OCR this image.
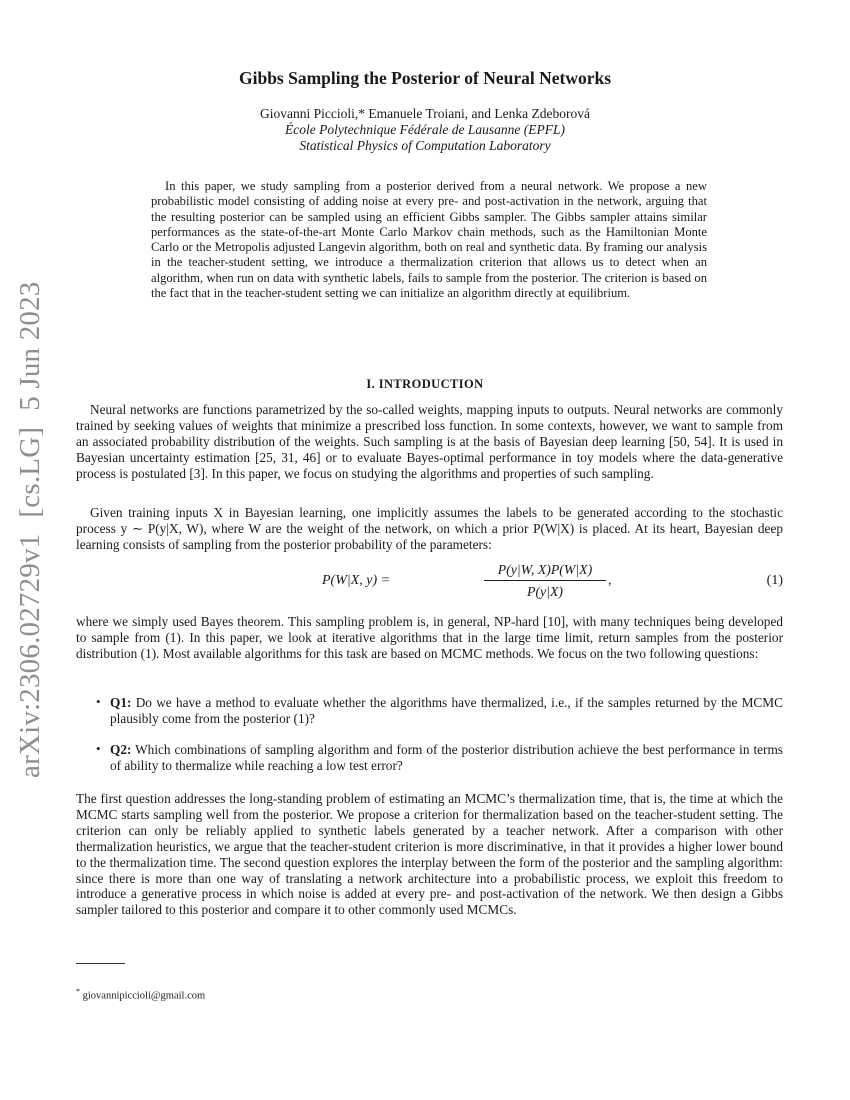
arXiv:2306.02729v1[cs.LG]5 Jun 2023
Gibbs Sampling the Posterior of Neural Networks
Giovanni Piccioli,* Emanuele Troiani, and Lenka Zdeborová
École Polytechnique Fédérale de Lausanne (EPFL)
Statistical Physics of Computation Laboratory

In this paper, we study sampling from a posterior derived from a neural network. We propose a new probabilistic model consisting of adding noise at every pre- and post-activation in the network, arguing that the resulting posterior can be sampled using an efficient Gibbs sampler. The Gibbs sampler attains similar performances as the state-of-the-art Monte Carlo Markov chain methods, such as the Hamiltonian Monte Carlo or the Metropolis adjusted Langevin algorithm, both on real and synthetic data. By framing our analysis in the teacher-student setting, we introduce a thermalization criterion that allows us to detect when an algorithm, when run on data with synthetic labels, fails to sample from the posterior. The criterion is based on the fact that in the teacher-student setting we can initialize an algorithm directly at equilibrium.

I. INTRODUCTION

Neural networks are functions parametrized by the so-called weights, mapping inputs to outputs. Neural networks are commonly trained by seeking values of weights that minimize a prescribed loss function. In some contexts, however, we want to sample from an associated probability distribution of the weights. Such sampling is at the basis of Bayesian deep learning [50, 54]. It is used in Bayesian uncertainty estimation [25, 31, 46] or to evaluate Bayes-optimal performance in toy models where the data-generative process is postulated [3]. In this paper, we focus on studying the algorithms and properties of such sampling.

Given training inputs X in Bayesian learning, one implicitly assumes the labels to be generated according to the stochastic process y ∼ P(y|X, W), where W are the weight of the network, on which a prior P(W|X) is placed. At its heart, Bayesian deep learning consists of sampling from the posterior probability of the parameters:

P(W|X, y) =
P(y|W, X)P(W|X)
P(y|X)
,	(1)

where we simply used Bayes theorem. This sampling problem is, in general, NP-hard [10], with many techniques being developed to sample from (1). In this paper, we look at iterative algorithms that in the large time limit, return samples from the posterior distribution (1). Most available algorithms for this task are based on MCMC methods. We focus on the two following questions:

• Q1: Do we have a method to evaluate whether the algorithms have thermalized, i.e., if the samples returned by the MCMC plausibly come from the posterior (1)?
• Q2: Which combinations of sampling algorithm and form of the posterior distribution achieve the best performance in terms of ability to thermalize while reaching a low test error?

The first question addresses the long-standing problem of estimating an MCMC’s thermalization time, that is, the time at which the MCMC starts sampling well from the posterior. We propose a criterion for thermalization based on the teacher-student setting. The criterion can only be reliably applied to synthetic labels generated by a teacher network. After a comparison with other thermalization heuristics, we argue that the teacher-student criterion is more discriminative, in that it provides a higher lower bound to the thermalization time. The second question explores the interplay between the form of the posterior and the sampling algorithm: since there is more than one way of translating a network architecture into a probabilistic process, we exploit this freedom to introduce a generative process in which noise is added at every pre- and post-activation of the network. We then design a Gibbs sampler tailored to this posterior and compare it to other commonly used MCMCs.

* giovannipiccioli@gmail.com
